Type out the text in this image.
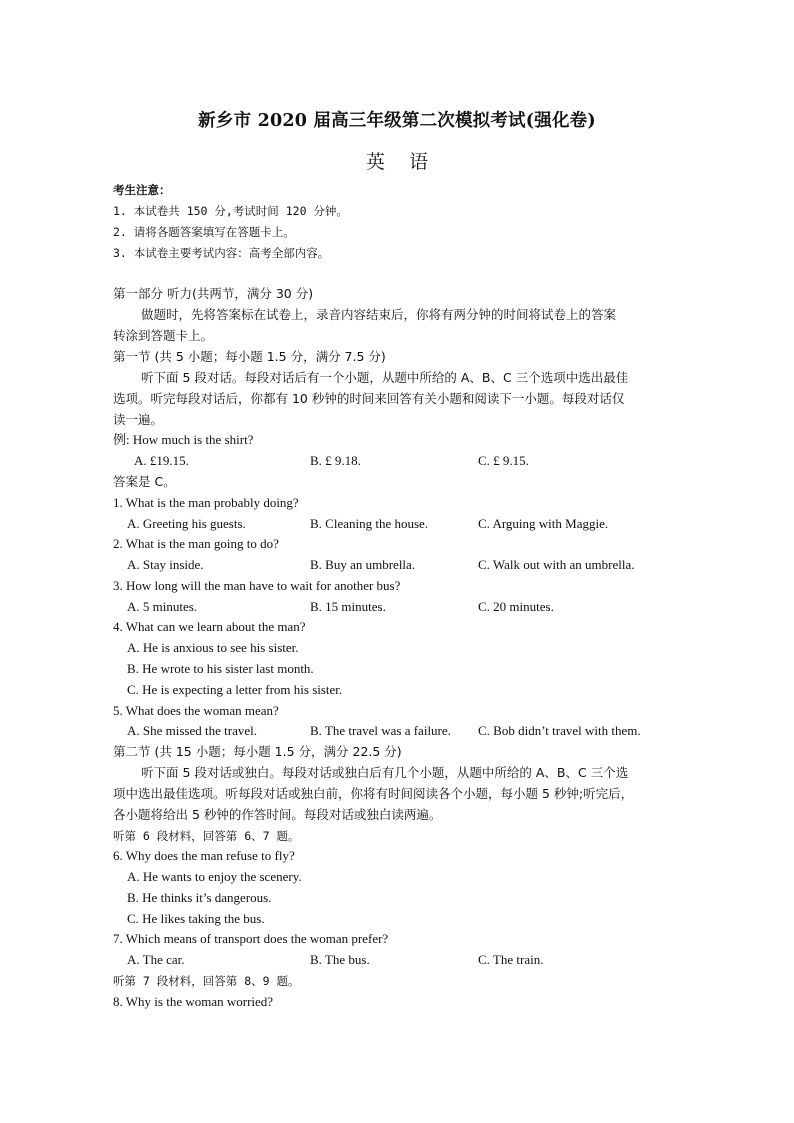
新乡市 2020 届高三年级第二次模拟考试(强化卷)
英    语
考生注意：
1. 本试卷共 150 分,考试时间 120 分钟。
2. 请将各题答案填写在答题卡上。
3. 本试卷主要考试内容：高考全部内容。
第一部分 听力(共两节，满分 30 分)
做题时，先将答案标在试卷上，录音内容结束后，你将有两分钟的时间将试卷上的答案
转涂到答题卡上。
第一节 (共 5 小题；每小题 1.5 分，满分 7.5 分)
听下面 5 段对话。每段对话后有一个小题，从题中所给的 A、B、C 三个选项中选出最佳
选项。听完每段对话后，你都有 10 秒钟的时间来回答有关小题和阅读下一小题。每段对话仅
读一遍。
例: How much is the shirt?
A. £19.15.	B. £ 9.18.	C. £ 9.15.
答案是 C。
1. What is the man probably doing?
A. Greeting his guests.	B. Cleaning the house.	C. Arguing with Maggie.
2. What is the man going to do?
A. Stay inside.	B. Buy an umbrella.	C. Walk out with an umbrella.
3. How long will the man have to wait for another bus?
A. 5 minutes.	B. 15 minutes.	C. 20 minutes.
4. What can we learn about the man?
A. He is anxious to see his sister.
B. He wrote to his sister last month.
C. He is expecting a letter from his sister.
5. What does the woman mean?
A. She missed the travel.	B. The travel was a failure. C. Bob didn’t travel with them.
第二节 (共 15 小题；每小题 1.5 分，满分 22.5 分)
听下面 5 段对话或独白。每段对话或独白后有几个小题，从题中所给的 A、B、C 三个选
项中选出最佳选项。听每段对话或独白前，你将有时间阅读各个小题，每小题 5 秒钟;听完后，
各小题将给出 5 秒钟的作答时间。每段对话或独白读两遍。
听第 6 段材料，回答第 6、7 题。
6. Why does the man refuse to fly?
A. He wants to enjoy the scenery.
B. He thinks it’s dangerous.
C. He likes taking the bus.
7. Which means of transport does the woman prefer?
A. The car.	B. The bus.	C. The train.
听第 7 段材料，回答第 8、9 题。
8. Why is the woman worried?
